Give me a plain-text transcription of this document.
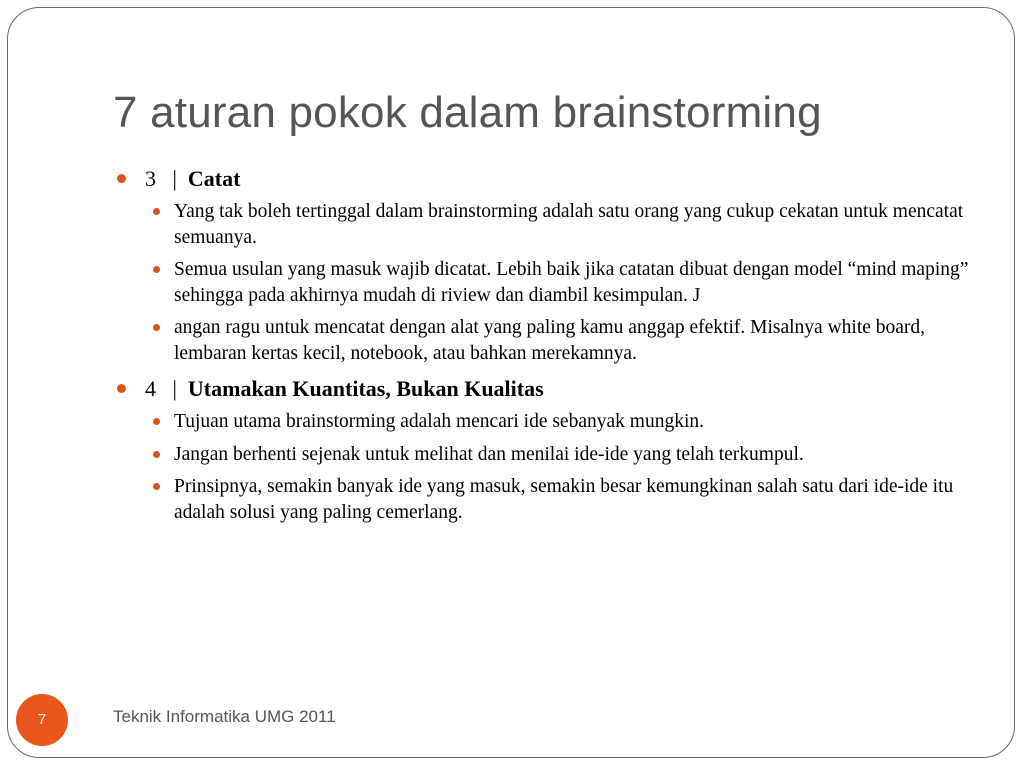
7 aturan pokok dalam brainstorming
3 | Catat
Yang tak boleh tertinggal dalam brainstorming adalah satu orang yang cukup cekatan untuk mencatat semuanya.
Semua usulan yang masuk wajib dicatat. Lebih baik jika catatan dibuat dengan model “mind maping” sehingga pada akhirnya mudah di riview dan diambil kesimpulan. J
angan ragu untuk mencatat dengan alat yang paling kamu anggap efektif. Misalnya white board, lembaran kertas kecil, notebook, atau bahkan merekamnya.
4 | Utamakan Kuantitas, Bukan Kualitas
Tujuan utama brainstorming adalah mencari ide sebanyak mungkin.
Jangan berhenti sejenak untuk melihat dan menilai ide-ide yang telah terkumpul.
Prinsipnya, semakin banyak ide yang masuk, semakin besar kemungkinan salah satu dari ide-ide itu adalah solusi yang paling cemerlang.
7	Teknik Informatika UMG 2011
